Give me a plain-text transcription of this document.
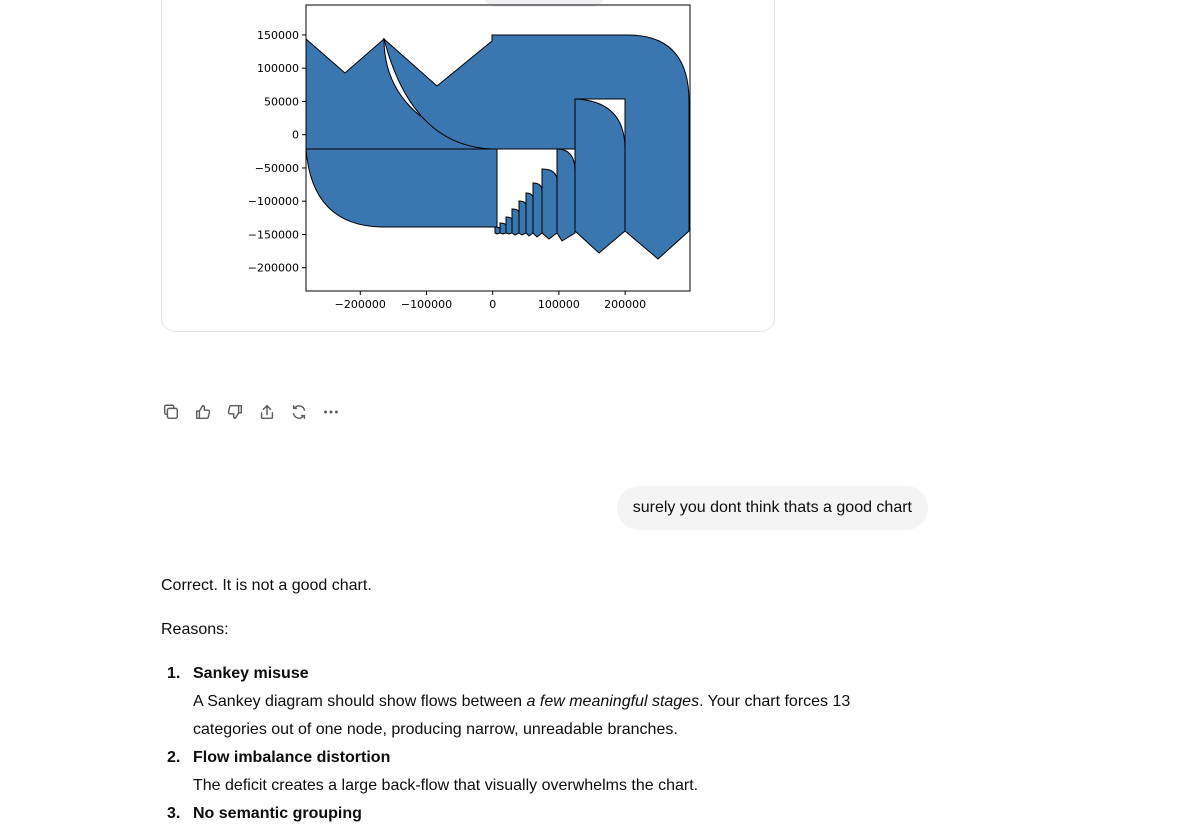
−200000 −100000	0	100000 200000
150000
100000
50000
0
−50000
−100000
−150000
−200000
surely you dont think thats a good chart

Correct. It is not a good chart.

Reasons:

1. Sankey misuse
A Sankey diagram should show flows between a few meaningful stages. Your chart forces 13 categories out of one node, producing narrow, unreadable branches.
2. Flow imbalance distortion
The deficit creates a large back-flow that visually overwhelms the chart.
3. No semantic grouping
